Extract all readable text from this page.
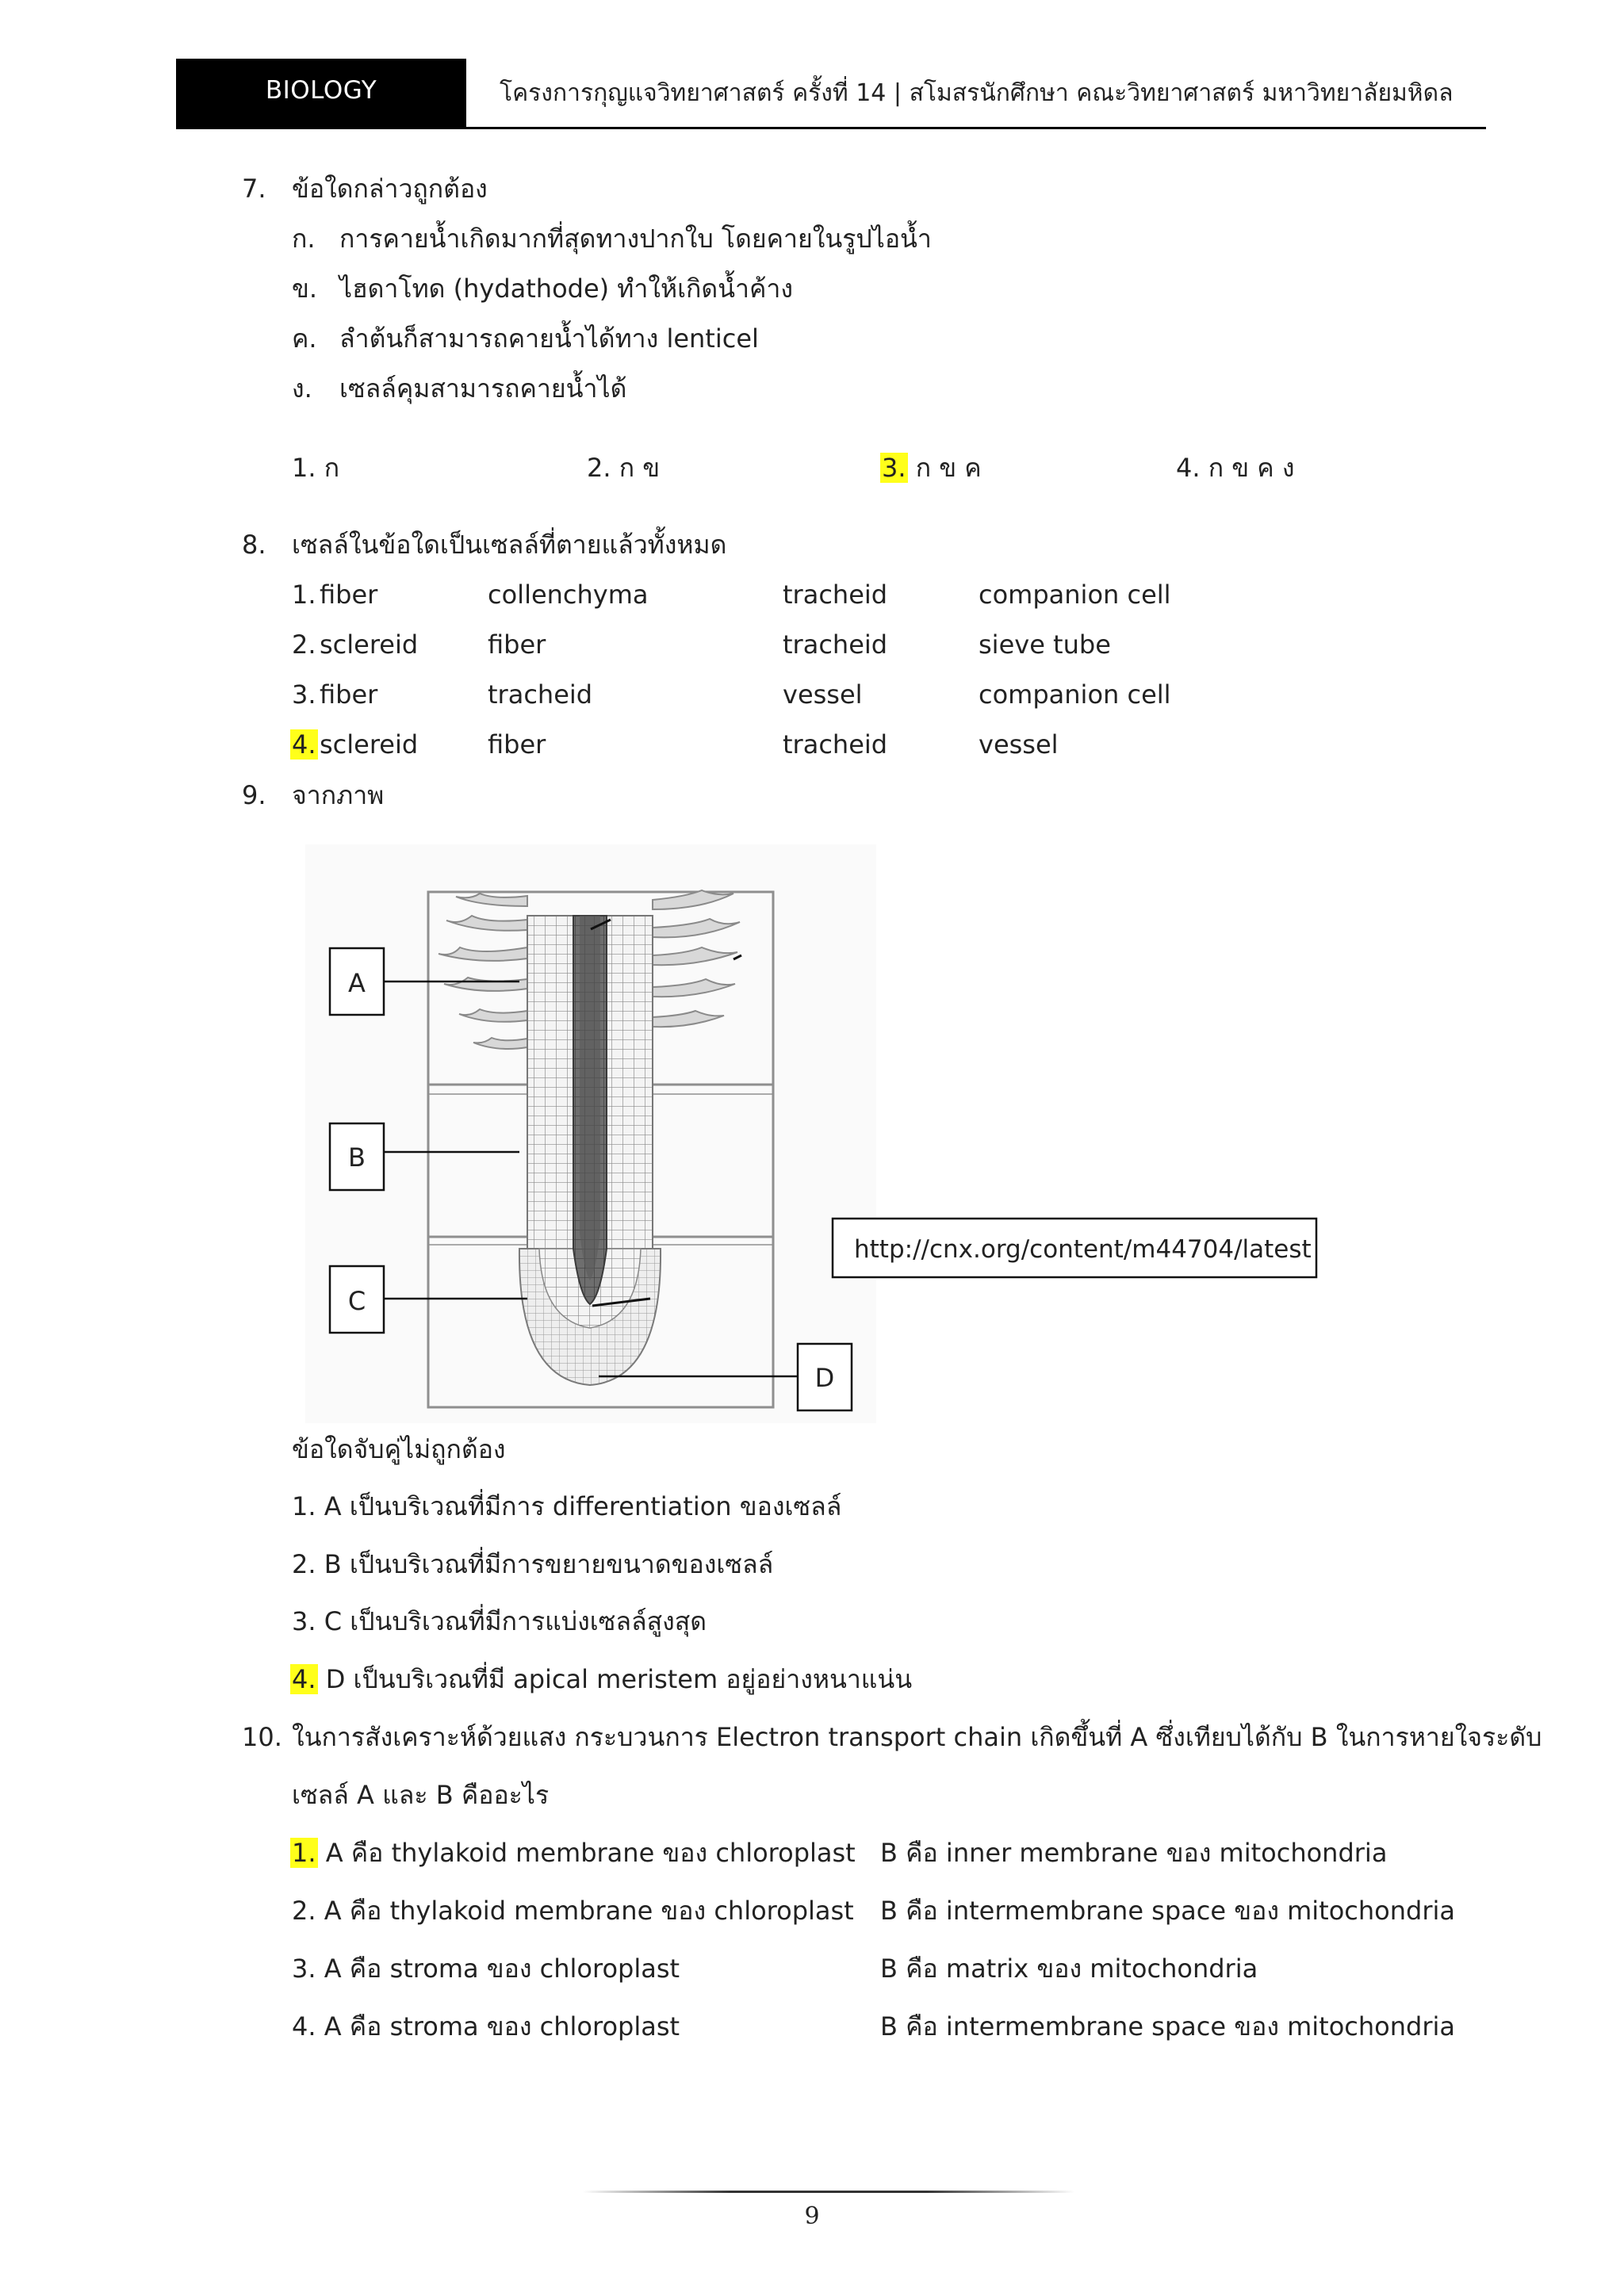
BIOLOGY	โครงการกุญแจวิทยาศาสตร์ ครั้งที่ 14 | สโมสรนักศึกษา คณะวิทยาศาสตร์ มหาวิทยาลัยมหิดล
7. ข้อใดกล่าวถูกต้อง
ก. การคายน้ำเกิดมากที่สุดทางปากใบ โดยคายในรูปไอน้ำ
ข. ไฮดาโทด (hydathode) ทำให้เกิดน้ำค้าง
ค. ลำต้นก็สามารถคายน้ำได้ทาง lenticel
ง. เซลล์คุมสามารถคายน้ำได้
1. ก	2. ก ข	3. ก ข ค	4. ก ข ค ง
8. เซลล์ในข้อใดเป็นเซลล์ที่ตายแล้วทั้งหมด
1. fiber	collenchyma	tracheid	companion cell
2. sclereid	fiber	tracheid	sieve tube
3. fiber	tracheid	vessel	companion cell
4. sclereid	fiber	tracheid	vessel
9. จากภาพ
A
B
C
D
http://cnx.org/content/m44704/latest
ข้อใดจับคู่ไม่ถูกต้อง
1. A เป็นบริเวณที่มีการ differentiation ของเซลล์
2. B เป็นบริเวณที่มีการขยายขนาดของเซลล์
3. C เป็นบริเวณที่มีการแบ่งเซลล์สูงสุด
4. D เป็นบริเวณที่มี apical meristem อยู่อย่างหนาแน่น
10. ในการสังเคราะห์ด้วยแสง กระบวนการ Electron transport chain เกิดขึ้นที่ A ซึ่งเทียบได้กับ B ในการหายใจระดับ
เซลล์ A และ B คืออะไร
1. A คือ thylakoid membrane ของ chloroplast B คือ inner membrane ของ mitochondria
2. A คือ thylakoid membrane ของ chloroplast B คือ intermembrane space ของ mitochondria
3. A คือ stroma ของ chloroplast	B คือ matrix ของ mitochondria
4. A คือ stroma ของ chloroplast	B คือ intermembrane space ของ mitochondria
9
